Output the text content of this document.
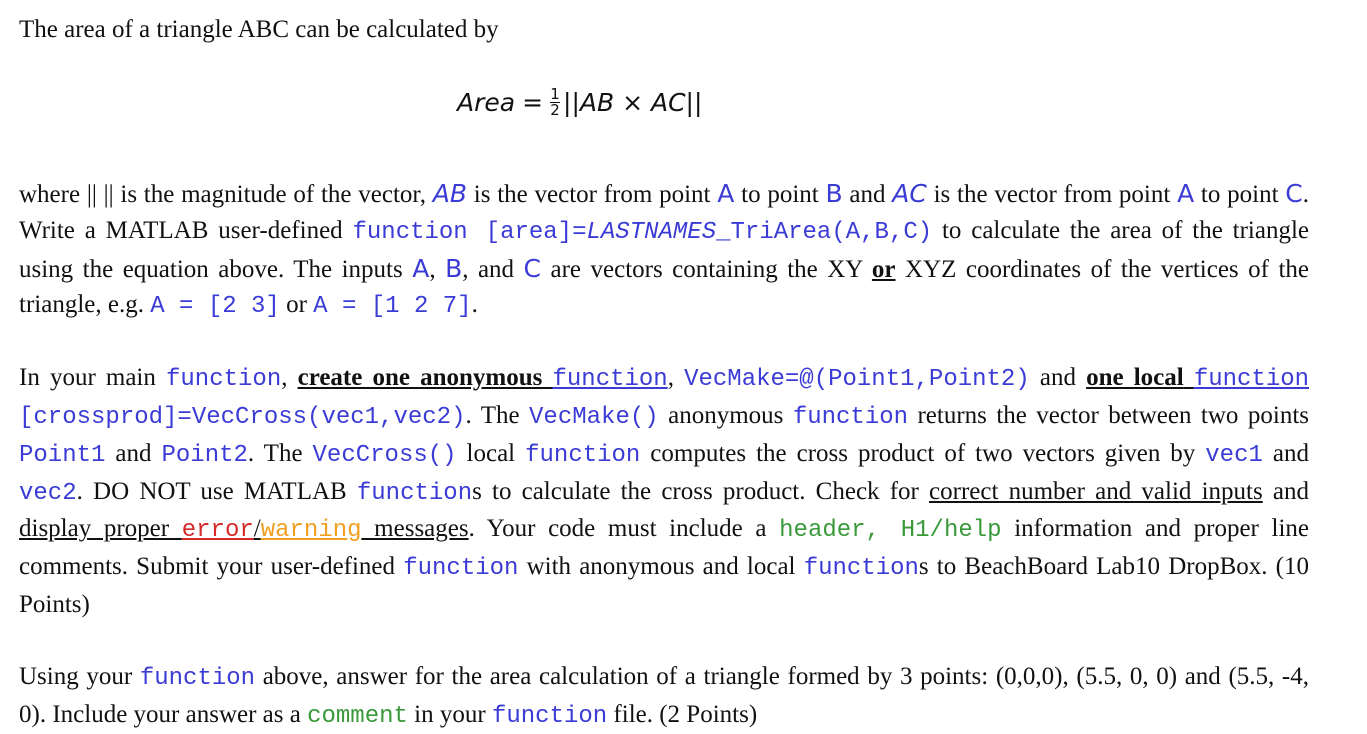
The area of a triangle ABC can be calculated by

Area = $\frac{1}{2} ||AB \times AC||$

where || || is the magnitude of the vector, AB is the vector from point A to point B and AC is the vector from point A to point C. Write a MATLAB user-defined function [area]=LASTNAMES_TriArea(A,B,C) to calculate the area of the triangle using the equation above. The inputs A, B, and C are vectors containing the XY or XYZ coordinates of the vertices of the triangle, e.g. A = [2 3] or A = [1 2 7].

In your main function, create one anonymous function, VecMake=@(Point1,Point2) and one local function [crossprod]=VecCross(vec1,vec2). The VecMake() anonymous function returns the vector between two points Point1 and Point2. The VecCross() local function computes the cross product of two vectors given by vec1 and vec2. DO NOT use MATLAB functions to calculate the cross product. Check for correct number and valid inputs and display proper error/warning messages. Your code must include a header, H1/help information and proper line comments. Submit your user-defined function with anonymous and local functions to BeachBoard Lab10 DropBox. (10 Points)

Using your function above, answer for the area calculation of a triangle formed by 3 points: (0,0,0), (5.5, 0, 0) and (5.5, -4, 0). Include your answer as a comment in your function file. (2 Points)
